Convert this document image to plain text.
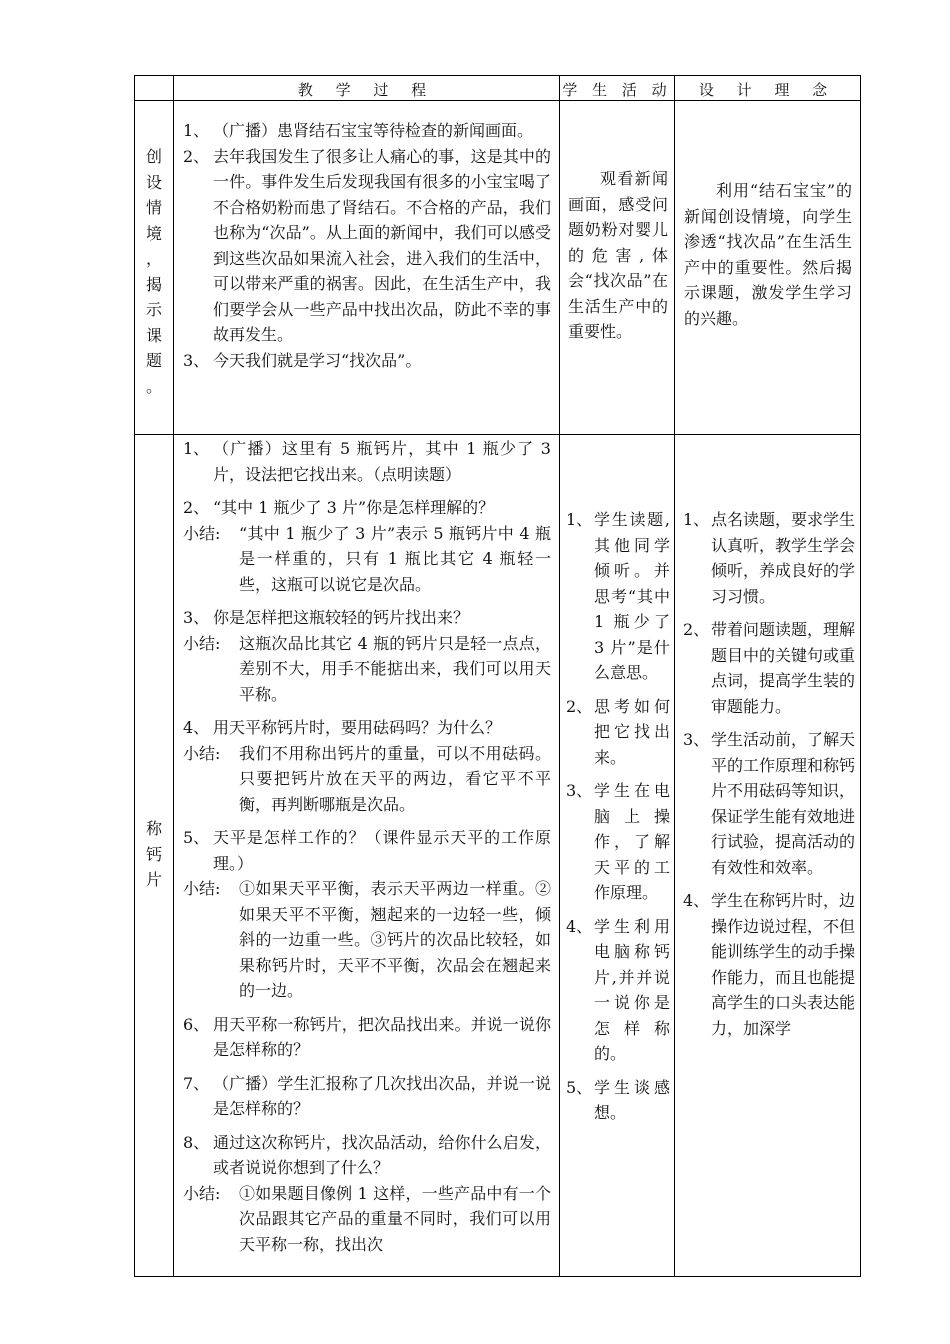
教 学 过 程	学 生 活 动	设 计 理 念
创
设
情
境
，
揭
示
课
题
。
1、 （广播）患肾结石宝宝等待检查的新闻画面。
2、 去年我国发生了很多让人痛心的事，这是其中的一件。事件发生后发现我国有很多的小宝宝喝了不合格奶粉而患了肾结石。不合格的产品，我们也称为“次品”。从上面的新闻中，我们可以感受到这些次品如果流入社会，进入我们的生活中，可以带来严重的祸害。因此，在生活生产中，我们要学会从一些产品中找出次品，防此不幸的事故再发生。
3、 今天我们就是学习“找次品”。
观看新闻画面，感受问题奶粉对婴儿的危害,体会“找次品”在生活生产中的重要性。
利用“结石宝宝”的新闻创设情境，向学生渗透“找次品”在生活生产中的重要性。然后揭示课题，激发学生学习的兴趣。
称
钙
片
1、 （广播）这里有 5 瓶钙片，其中 1 瓶少了 3 片，设法把它找出来。（点明读题）
2、 “其中 1 瓶少了 3 片”你是怎样理解的？
小结: “其中 1 瓶少了 3 片”表示 5 瓶钙片中 4 瓶是一样重的，只有 1 瓶比其它 4 瓶轻一些，这瓶可以说它是次品。
3、 你是怎样把这瓶较轻的钙片找出来？
小结: 这瓶次品比其它 4 瓶的钙片只是轻一点点，差别不大，用手不能掂出来，我们可以用天平称。
4、 用天平称钙片时，要用砝码吗？为什么？
小结: 我们不用称出钙片的重量，可以不用砝码。只要把钙片放在天平的两边，看它平不平衡，再判断哪瓶是次品。
5、 天平是怎样工作的？（课件显示天平的工作原理。）
小结: ①如果天平平衡，表示天平两边一样重。②如果天平不平衡，翘起来的一边轻一些，倾斜的一边重一些。③钙片的次品比较轻，如果称钙片时，天平不平衡，次品会在翘起来的一边。
6、 用天平称一称钙片，把次品找出来。并说一说你是怎样称的？
7、 （广播）学生汇报称了几次找出次品，并说一说是怎样称的？
8、 通过这次称钙片，找次品活动，给你什么启发，或者说说你想到了什么？
小结: ①如果题目像例 1 这样，一些产品中有一个次品跟其它产品的重量不同时，我们可以用天平称一称，找出次
1、 学生读题,其他同学倾听。并思考“其中 1 瓶少了 3 片”是什么意思。
2、 思考如何把它找出来。
3、 学生在电脑上操作，了解天平的工作原理。
4、 学生利用电脑称钙片,并并说一说你是怎样称的。
5、 学生谈感想。
1、 点名读题，要求学生认真听，教学生学会倾听，养成良好的学习习惯。
2、 带着问题读题，理解题目中的关键句或重点词，提高学生装的审题能力。
3、 学生活动前，了解天平的工作原理和称钙片不用砝码等知识，保证学生能有效地进行试验，提高活动的有效性和效率。
4、 学生在称钙片时，边操作边说过程，不但能训练学生的动手操作能力，而且也能提高学生的口头表达能力，加深学
